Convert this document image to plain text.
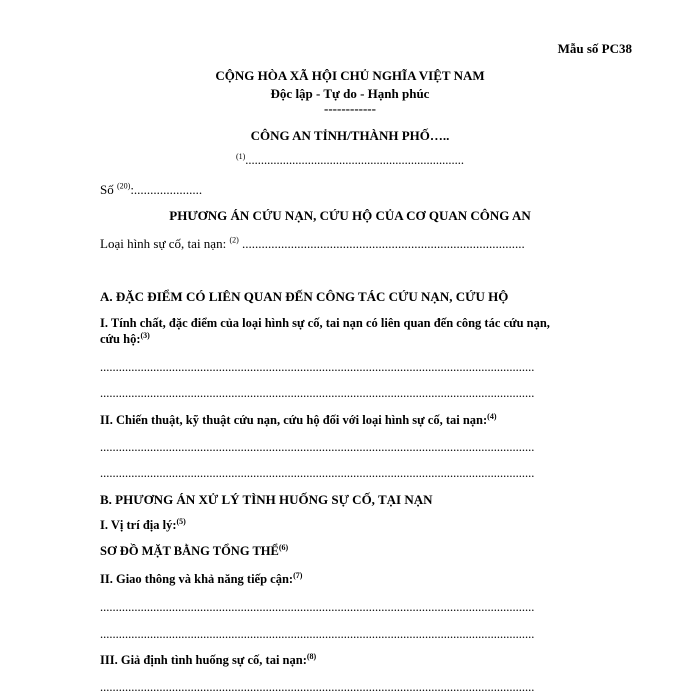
Mẫu số PC38
CỘNG HÒA XÃ HỘI CHỦ NGHĨA VIỆT NAM
Độc lập - Tự do - Hạnh phúc
------------
CÔNG AN TỈNH/THÀNH PHỐ…..
$^{(1)}$......................................................................
Số $^{(20)}$:.....................
PHƯƠNG ÁN CỨU NẠN, CỨU HỘ CỦA CƠ QUAN CÔNG AN
Loại hình sự cố, tai nạn: $^{(2)}$ .......................................................................................
A. ĐẶC ĐIỂM CÓ LIÊN QUAN ĐẾN CÔNG TÁC CỨU NẠN, CỨU HỘ
I. Tính chất, đặc điểm của loại hình sự cố, tai nạn có liên quan đến công tác cứu nạn,
cứu hộ:$^{(3)}$
...........................................................................................................................................
...........................................................................................................................................
II. Chiến thuật, kỹ thuật cứu nạn, cứu hộ đối với loại hình sự cố, tai nạn:$^{(4)}$
...........................................................................................................................................
...........................................................................................................................................
B. PHƯƠNG ÁN XỬ LÝ TÌNH HUỐNG SỰ CỐ, TẠI NẠN
I. Vị trí địa lý:$^{(5)}$
SƠ ĐỒ MẶT BẰNG TỔNG THỂ$^{(6)}$
II. Giao thông và khả năng tiếp cận:$^{(7)}$
...........................................................................................................................................
...........................................................................................................................................
III. Giả định tình huống sự cố, tai nạn:$^{(8)}$
...........................................................................................................................................
